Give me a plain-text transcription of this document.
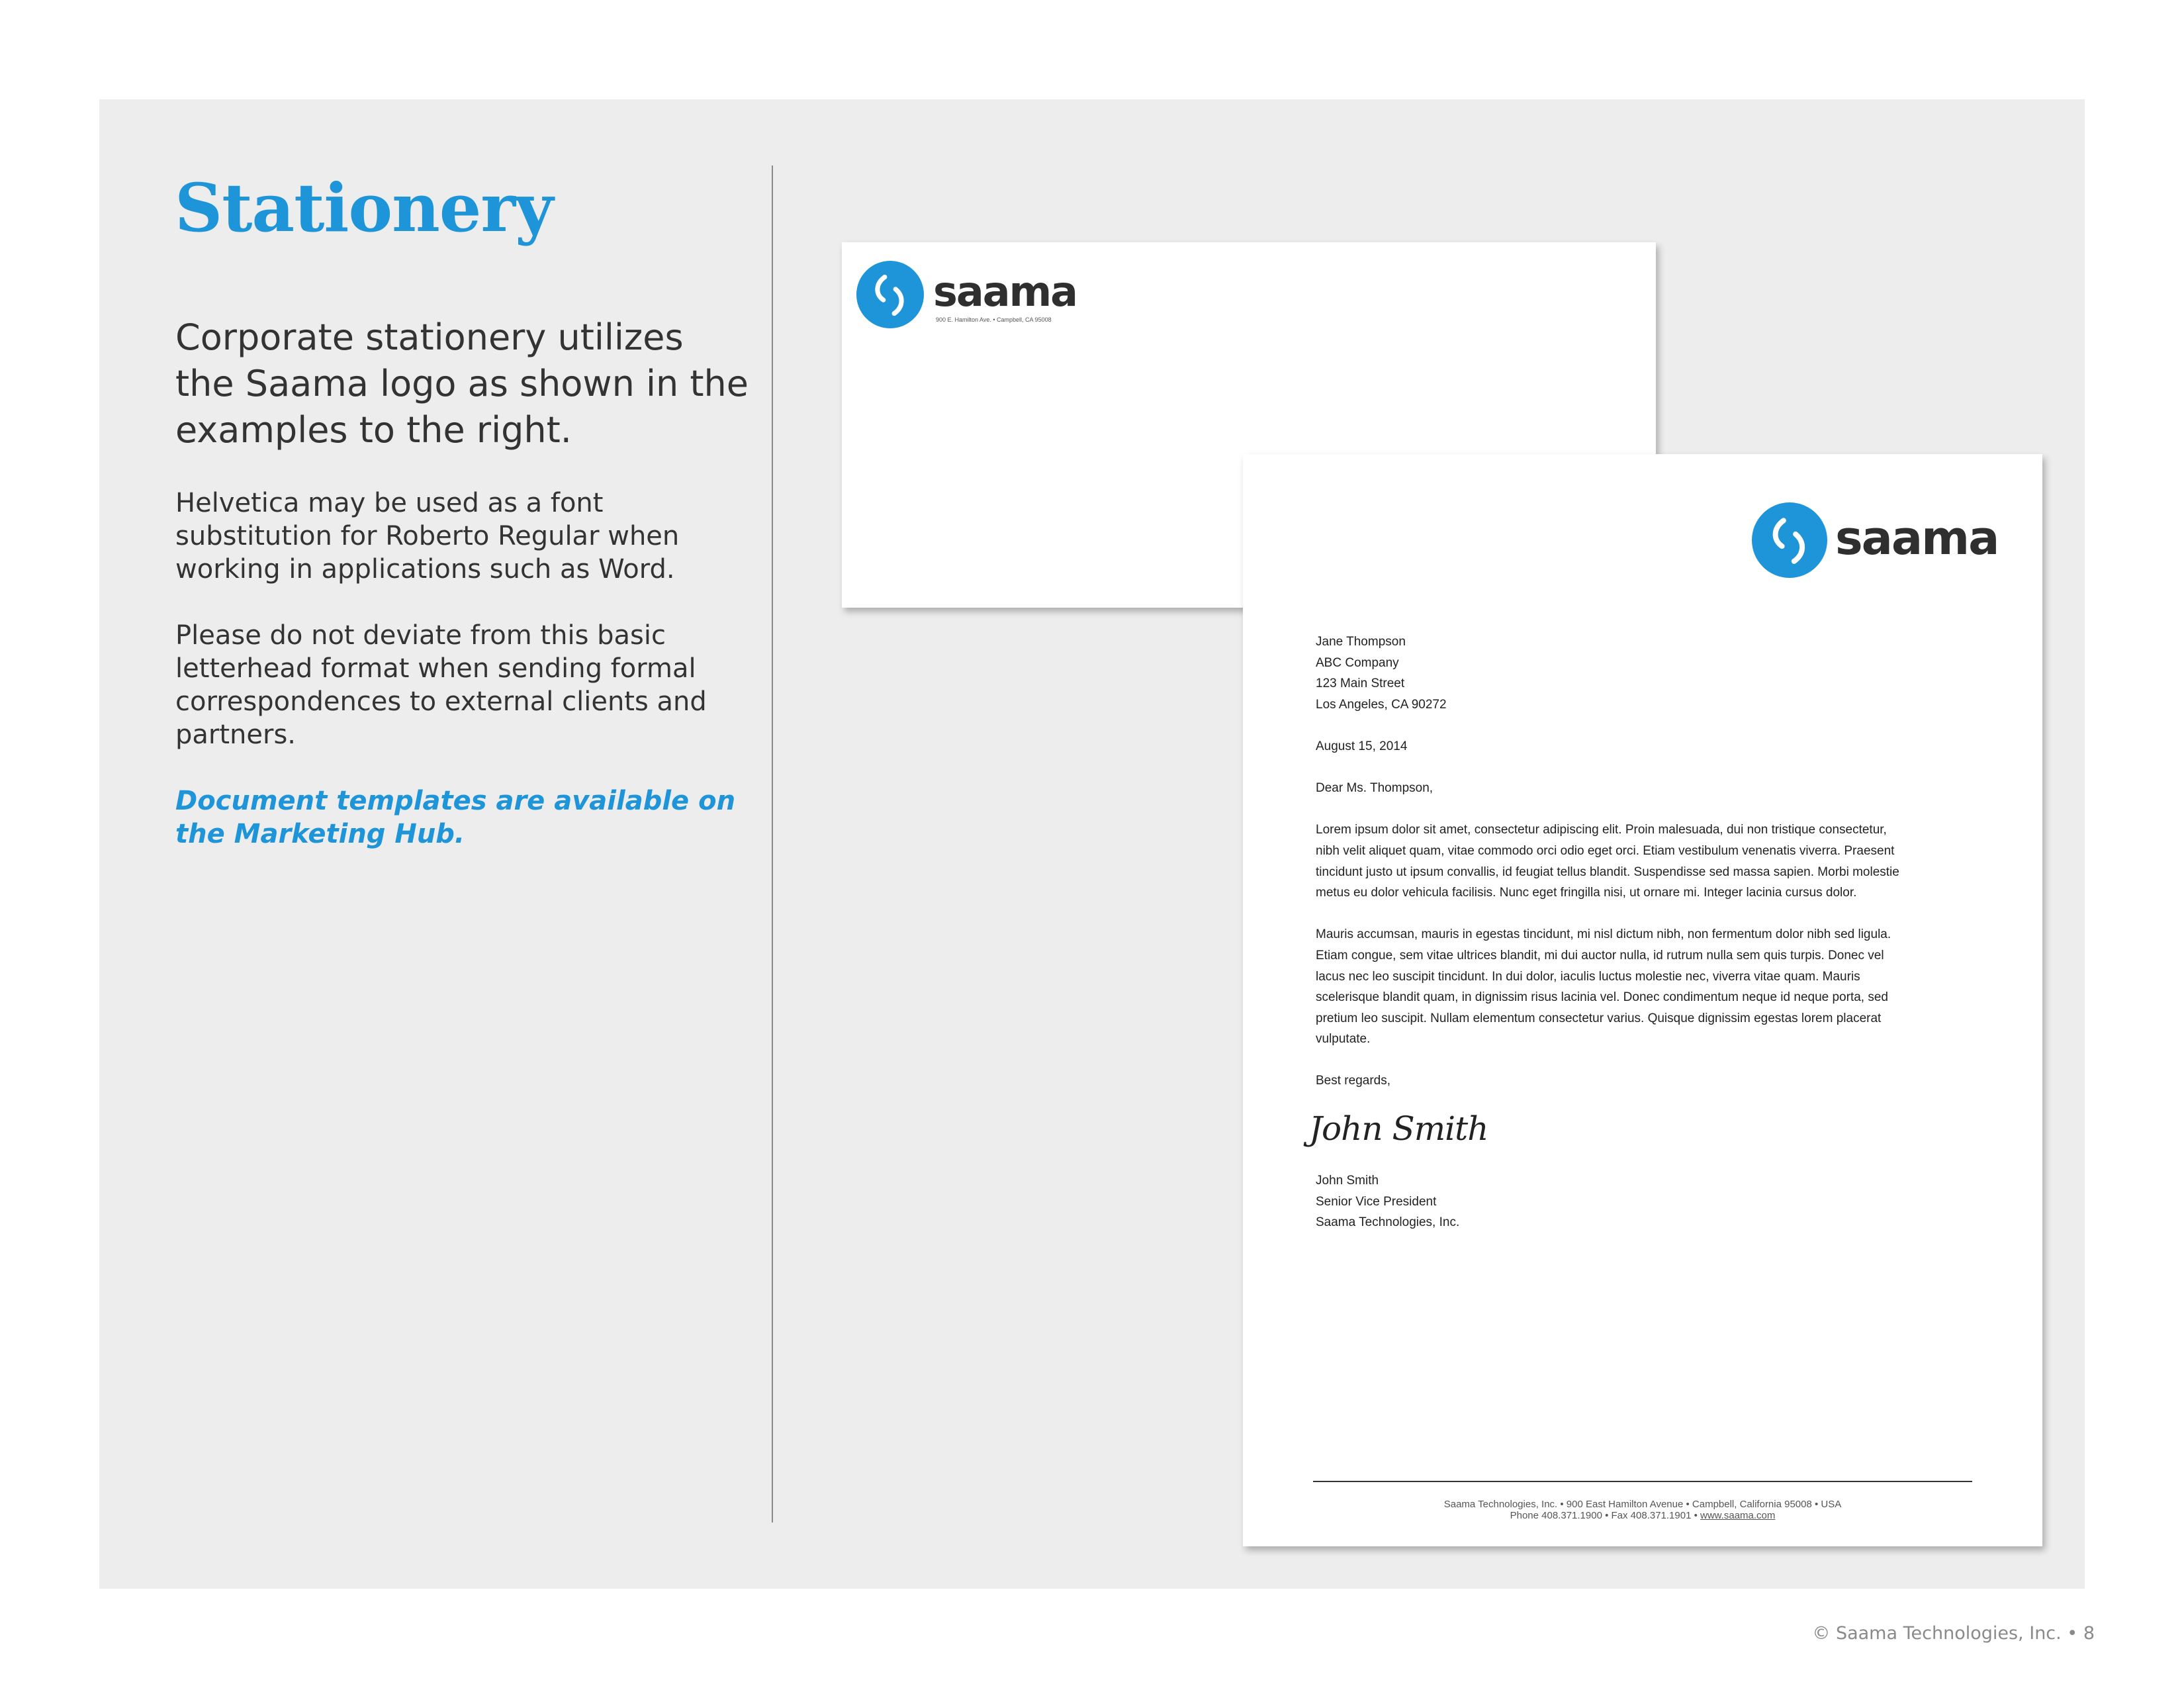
Stationery

Corporate stationery utilizes the Saama logo as shown in the examples to the right.

Helvetica may be used as a font substitution for Roberto Regular when working in applications such as Word.

Please do not deviate from this basic letterhead format when sending formal correspondences to external clients and partners.

Document templates are available on the Marketing Hub.

saama
900 E. Hamilton Ave. • Campbell, CA 95008
saama
Jane Thompson
ABC Company
123 Main Street
Los Angeles, CA 90272
August 15, 2014
Dear Ms. Thompson,
Lorem ipsum dolor sit amet, consectetur adipiscing elit. Proin malesuada, dui non tristique consectetur,
nibh velit aliquet quam, vitae commodo orci odio eget orci. Etiam vestibulum venenatis viverra. Praesent
tincidunt justo ut ipsum convallis, id feugiat tellus blandit. Suspendisse sed massa sapien. Morbi molestie
metus eu dolor vehicula facilisis. Nunc eget fringilla nisi, ut ornare mi. Integer lacinia cursus dolor.
Mauris accumsan, mauris in egestas tincidunt, mi nisl dictum nibh, non fermentum dolor nibh sed ligula.
Etiam congue, sem vitae ultrices blandit, mi dui auctor nulla, id rutrum nulla sem quis turpis. Donec vel
lacus nec leo suscipit tincidunt. In dui dolor, iaculis luctus molestie nec, viverra vitae quam. Mauris
scelerisque blandit quam, in dignissim risus lacinia vel. Donec condimentum neque id neque porta, sed
pretium leo suscipit. Nullam elementum consectetur varius. Quisque dignissim egestas lorem placerat
vulputate.
Best regards,
John Smith
John Smith
Senior Vice President
Saama Technologies, Inc.
Saama Technologies, Inc. • 900 East Hamilton Avenue • Campbell, California 95008 • USA
Phone 408.371.1900 • Fax 408.371.1901 • www.saama.com
© Saama Technologies, Inc. • 8
